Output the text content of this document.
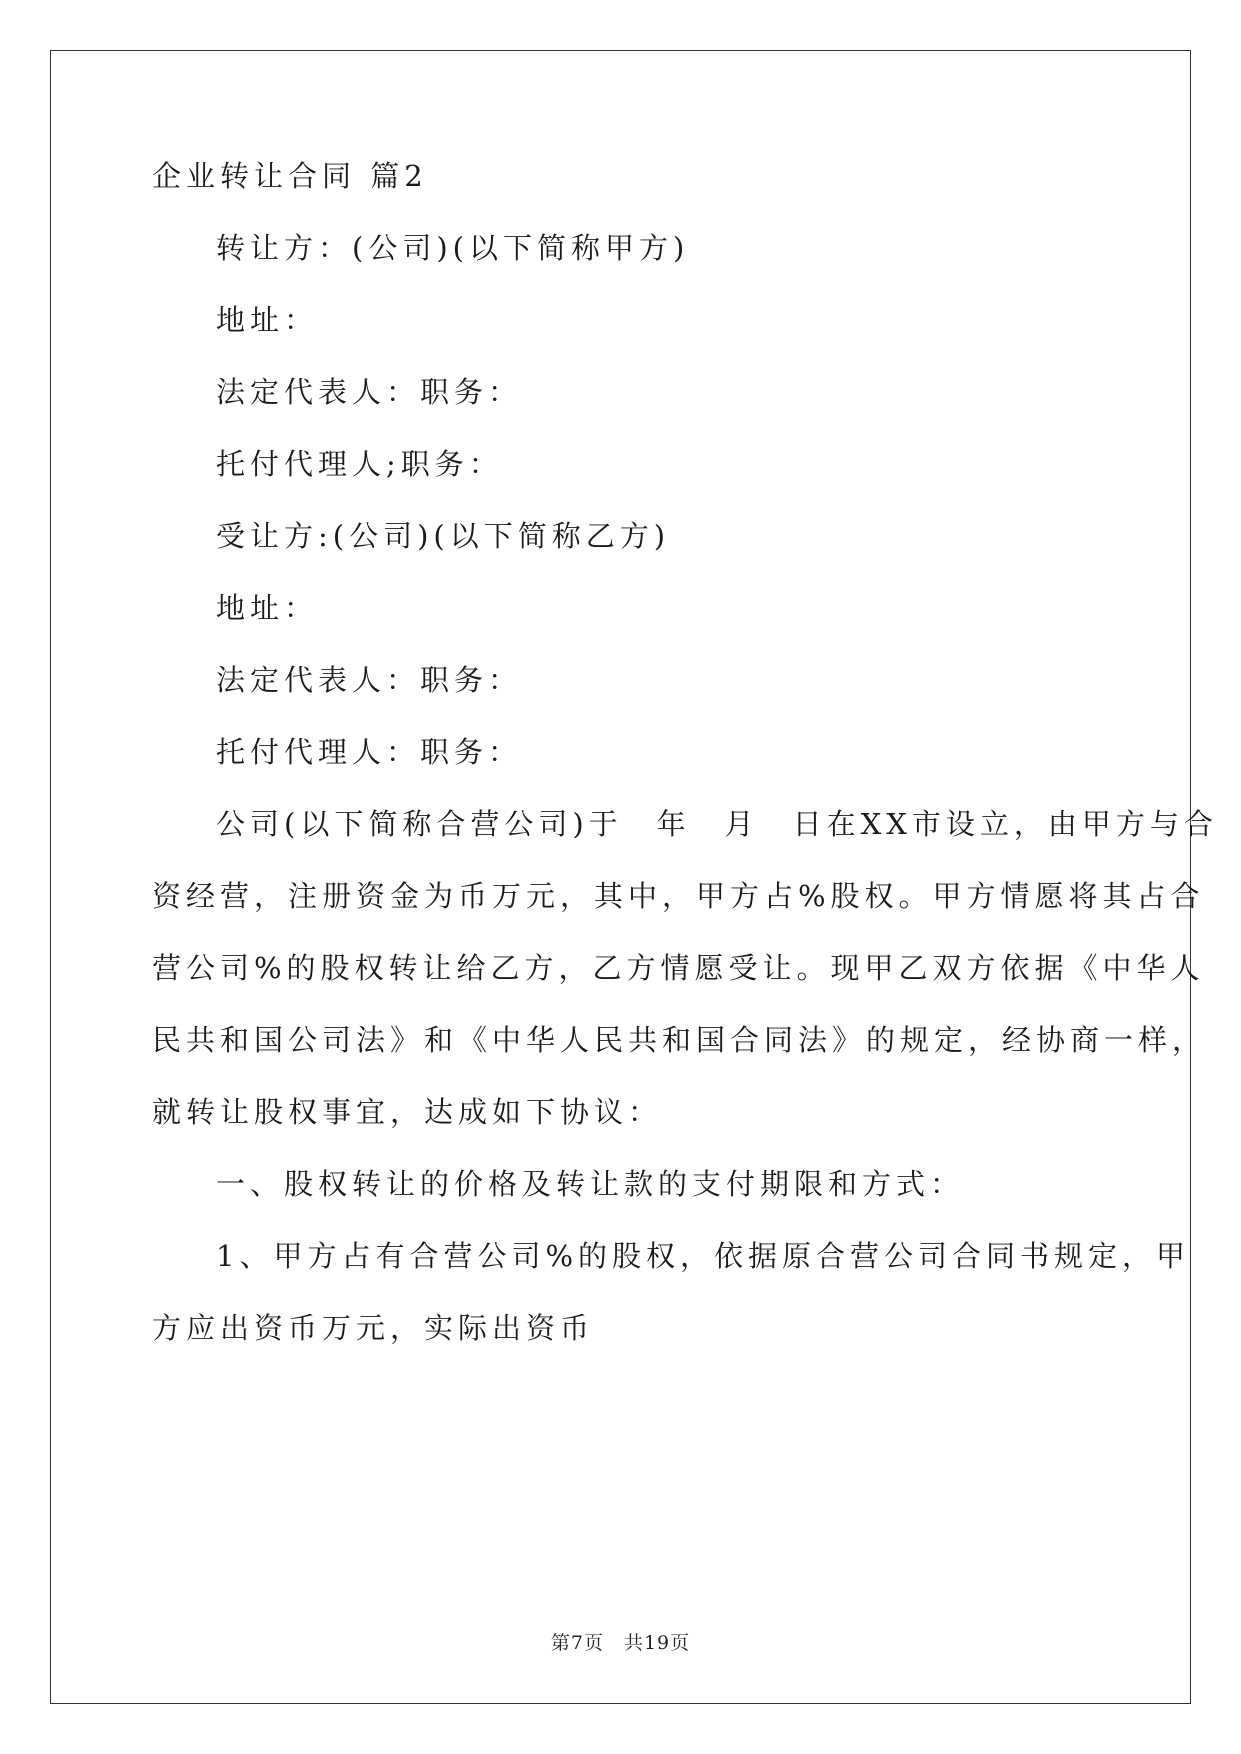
企业转让合同 篇2
转让方：(公司)(以下简称甲方)
地址：
法定代表人：职务：
托付代理人;职务：
受让方:(公司)(以下简称乙方)
地址：
法定代表人：职务：
托付代理人：职务：
公司(以下简称合营公司)于　年　月　日在XX市设立，由甲方与合
资经营，注册资金为币万元，其中，甲方占%股权。甲方情愿将其占合
营公司%的股权转让给乙方，乙方情愿受让。现甲乙双方依据《中华人
民共和国公司法》和《中华人民共和国合同法》的规定，经协商一样，
就转让股权事宜，达成如下协议：
一、股权转让的价格及转让款的支付期限和方式：
1、甲方占有合营公司%的股权，依据原合营公司合同书规定，甲
方应出资币万元，实际出资币
第7页　共19页
